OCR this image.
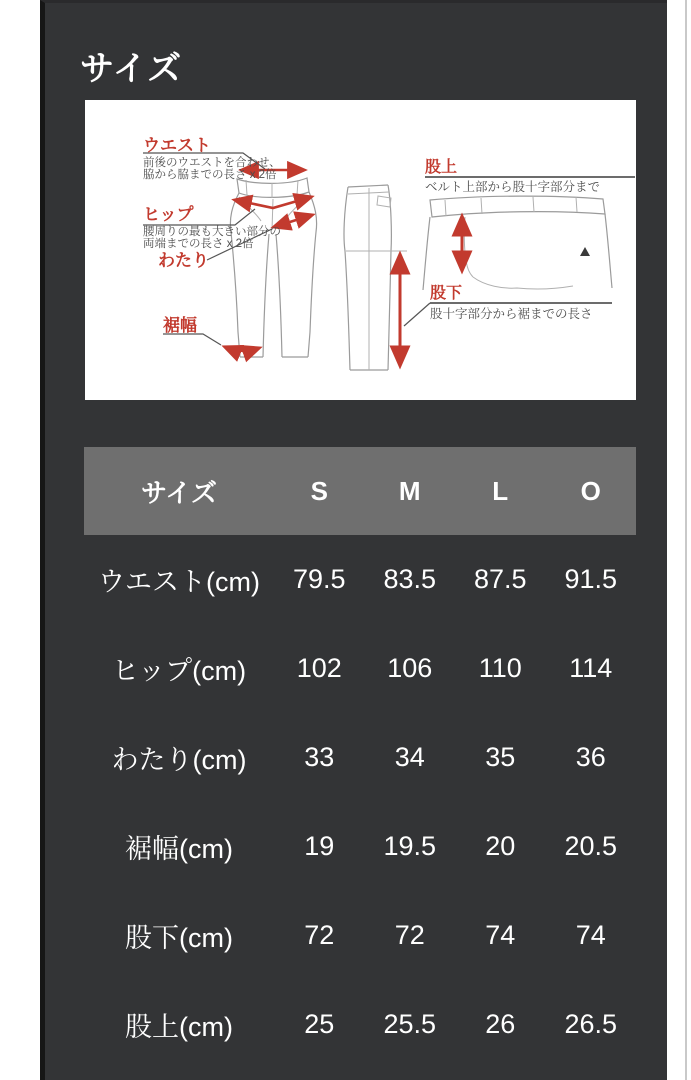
サイズ
ウエスト
前後のウエストを合わせ、
脇から脇までの長さ x 2倍
ヒップ
腰周りの最も大きい部分の
両端までの長さ x 2倍
わたり
裾幅
股上
ベルト上部から股十字部分まで
股下
股十字部分から裾までの長さ
サイズ	S	M	L	O
ウエスト(cm)	79.5	83.5	87.5	91.5
ヒップ(cm)	102	106	110	114
わたり(cm)	33	34	35	36
裾幅(cm)	19	19.5	20	20.5
股下(cm)	72	72	74	74
股上(cm)	25	25.5	26	26.5
